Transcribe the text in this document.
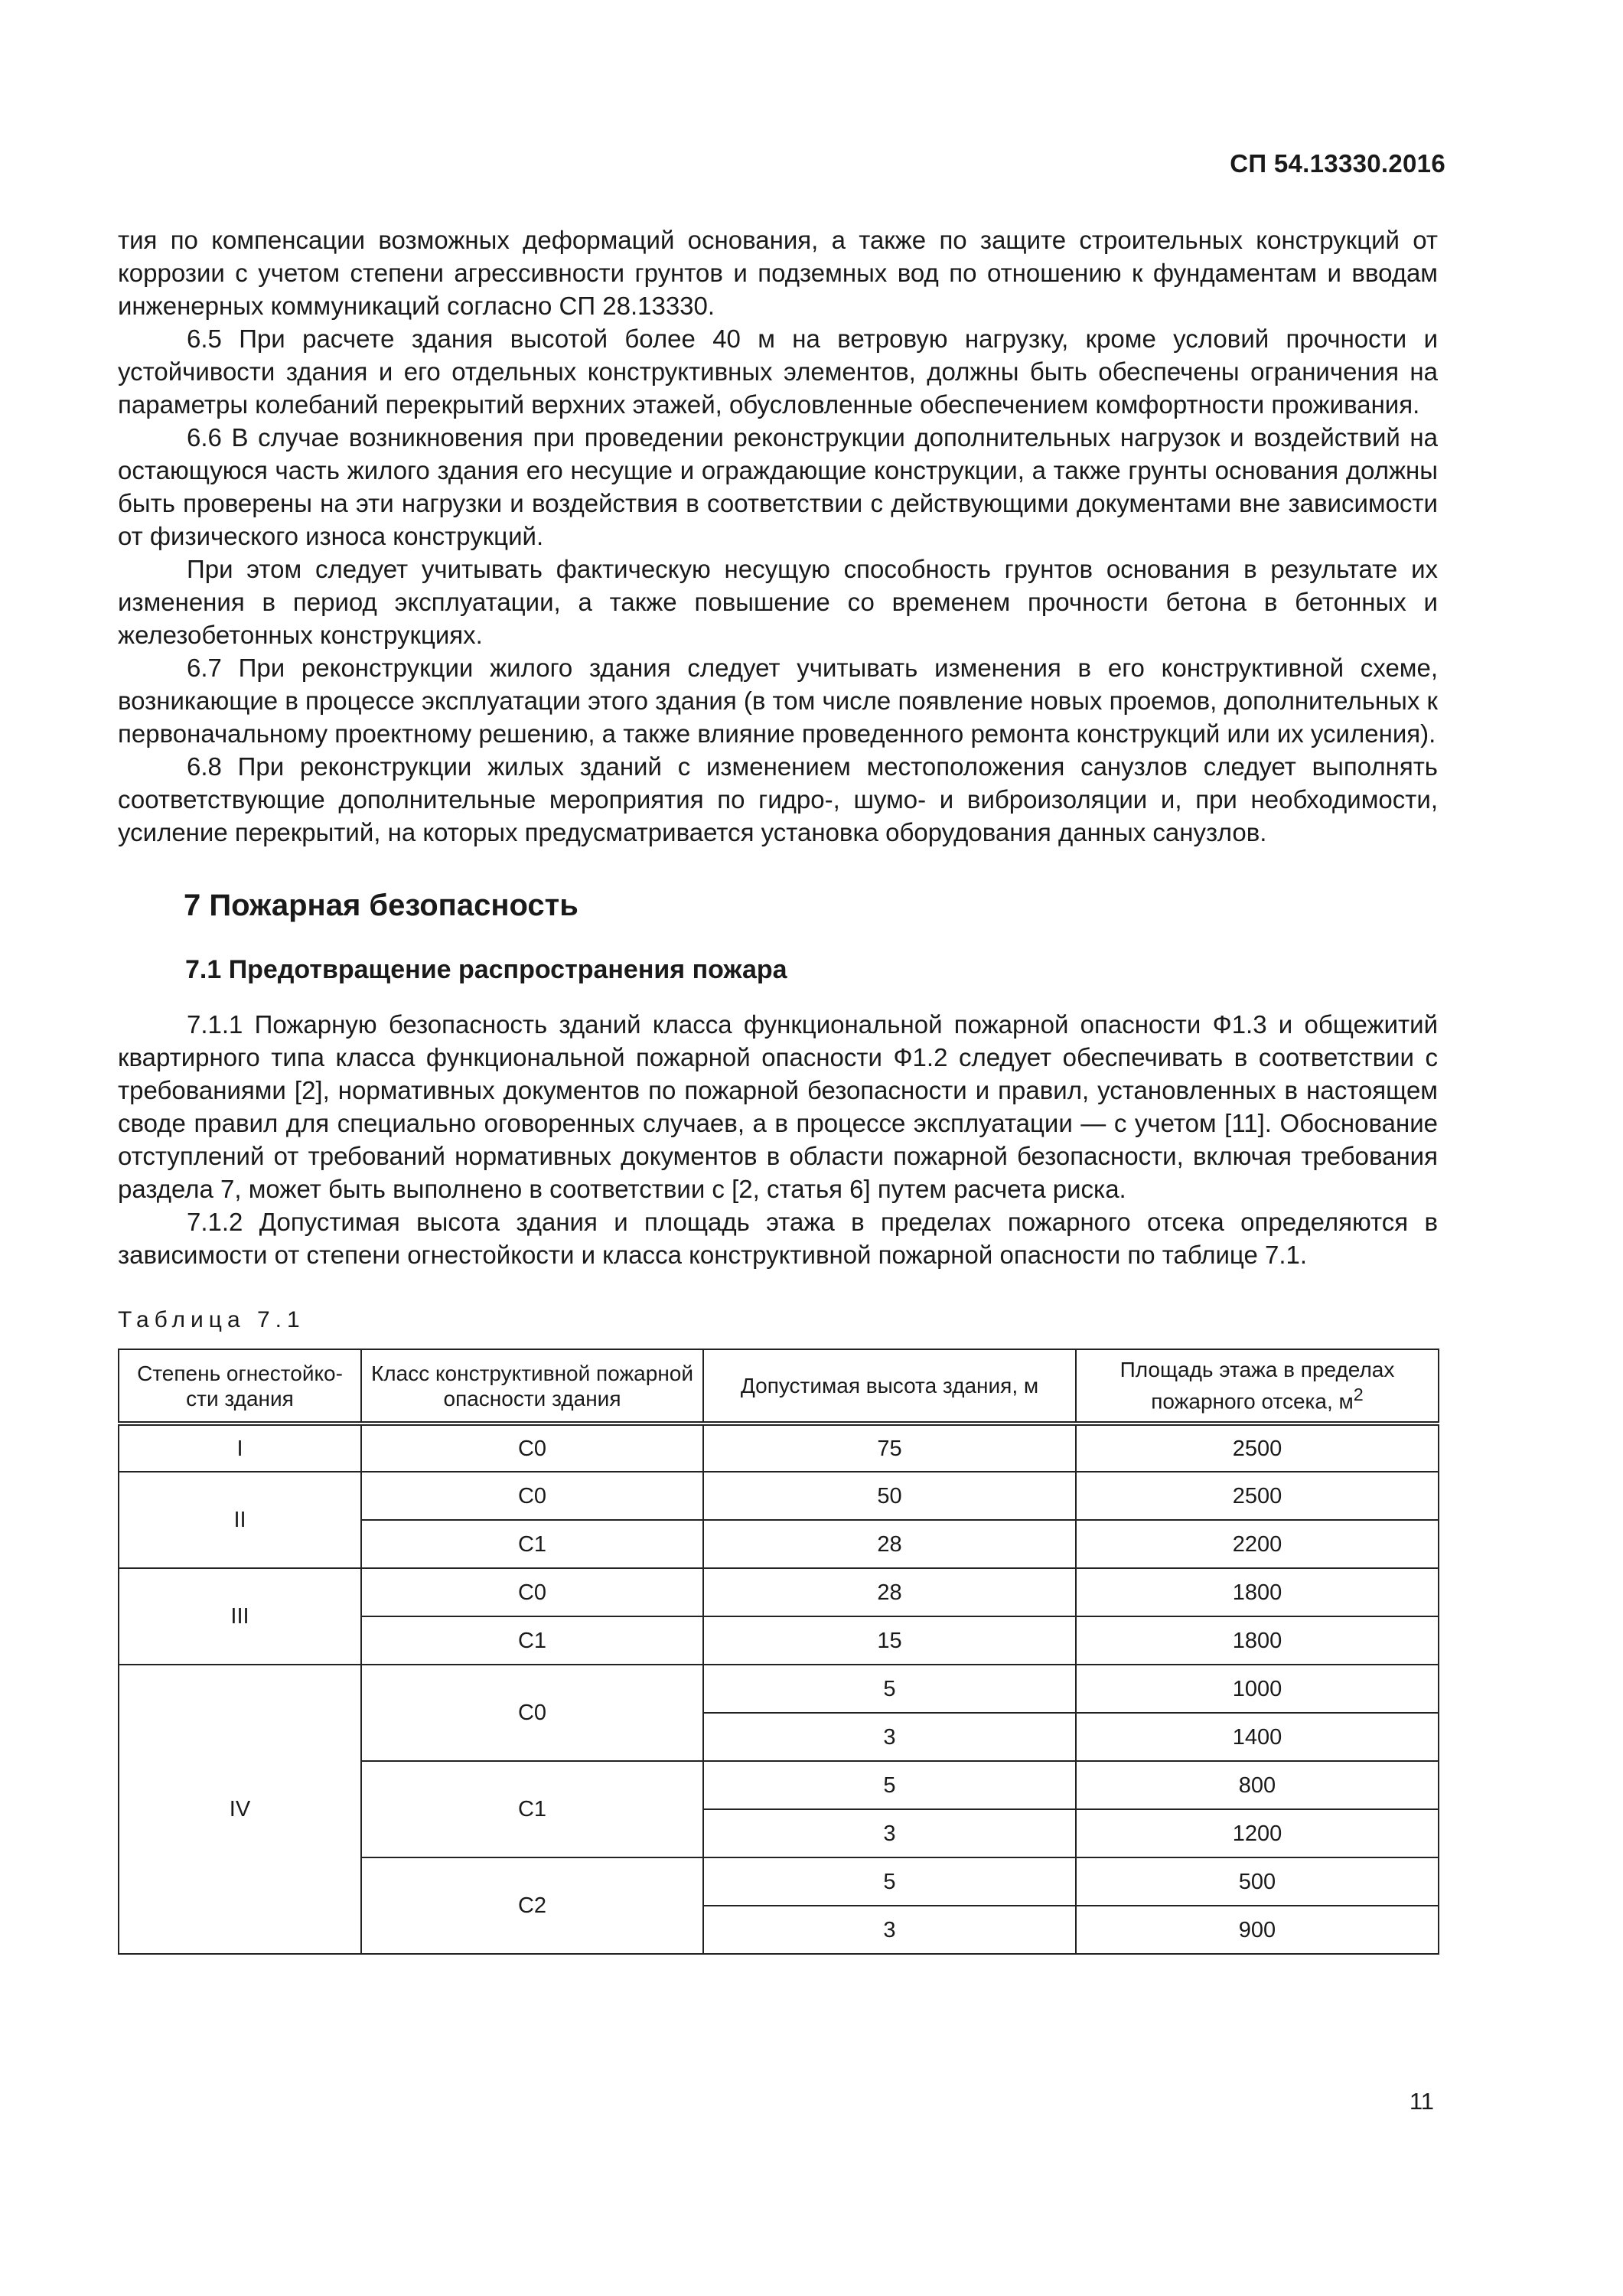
СП 54.13330.2016

тия по компенсации возможных деформаций основания, а также по защите строительных конструкций от коррозии с учетом степени агрессивности грунтов и подземных вод по отношению к фундаментам и вводам инженерных коммуникаций согласно СП 28.13330.

6.5 При расчете здания высотой более 40 м на ветровую нагрузку, кроме условий прочности и устойчивости здания и его отдельных конструктивных элементов, должны быть обеспечены ограничения на параметры колебаний перекрытий верхних этажей, обусловленные обеспечением комфортности проживания.

6.6 В случае возникновения при проведении реконструкции дополнительных нагрузок и воздействий на остающуюся часть жилого здания его несущие и ограждающие конструкции, а также грунты основания должны быть проверены на эти нагрузки и воздействия в соответствии с действующими документами вне зависимости от физического износа конструкций.

При этом следует учитывать фактическую несущую способность грунтов основания в результате их изменения в период эксплуатации, а также повышение со временем прочности бетона в бетонных и железобетонных конструкциях.

6.7 При реконструкции жилого здания следует учитывать изменения в его конструктивной схеме, возникающие в процессе эксплуатации этого здания (в том числе появление новых проемов, дополнительных к первоначальному проектному решению, а также влияние проведенного ремонта конструкций или их усиления).

6.8 При реконструкции жилых зданий с изменением местоположения санузлов следует выполнять соответствующие дополнительные мероприятия по гидро-, шумо- и виброизоляции и, при необходимости, усиление перекрытий, на которых предусматривается установка оборудования данных санузлов.

7 Пожарная безопасность

7.1 Предотвращение распространения пожара

7.1.1 Пожарную безопасность зданий класса функциональной пожарной опасности Ф1.3 и общежитий квартирного типа класса функциональной пожарной опасности Ф1.2 следует обеспечивать в соответствии с требованиями [2], нормативных документов по пожарной безопасности и правил, установленных в настоящем своде правил для специально оговоренных случаев, а в процессе эксплуатации — с учетом [11]. Обоснование отступлений от требований нормативных документов в области пожарной безопасности, включая требования раздела 7, может быть выполнено в соответствии с [2, статья 6] путем расчета риска.

7.1.2 Допустимая высота здания и площадь этажа в пределах пожарного отсека определяются в зависимости от степени огнестойкости и класса конструктивной пожарной опасности по таблице 7.1.

Таблица 7.1

Степень огнестойко-сти здания	Класс конструктивной пожарной опасности здания	Допустимая высота здания, м	Площадь этажа в пределах пожарного отсека, $м^2$
I	С0	75	2500
II	С0	50	2500
	С1	28	2200
III	С0	28	1800
	С1	15	1800
IV	С0	5	1000
		3	1400
	С1	5	800
		3	1200
	С2	5	500
		3	900
11
